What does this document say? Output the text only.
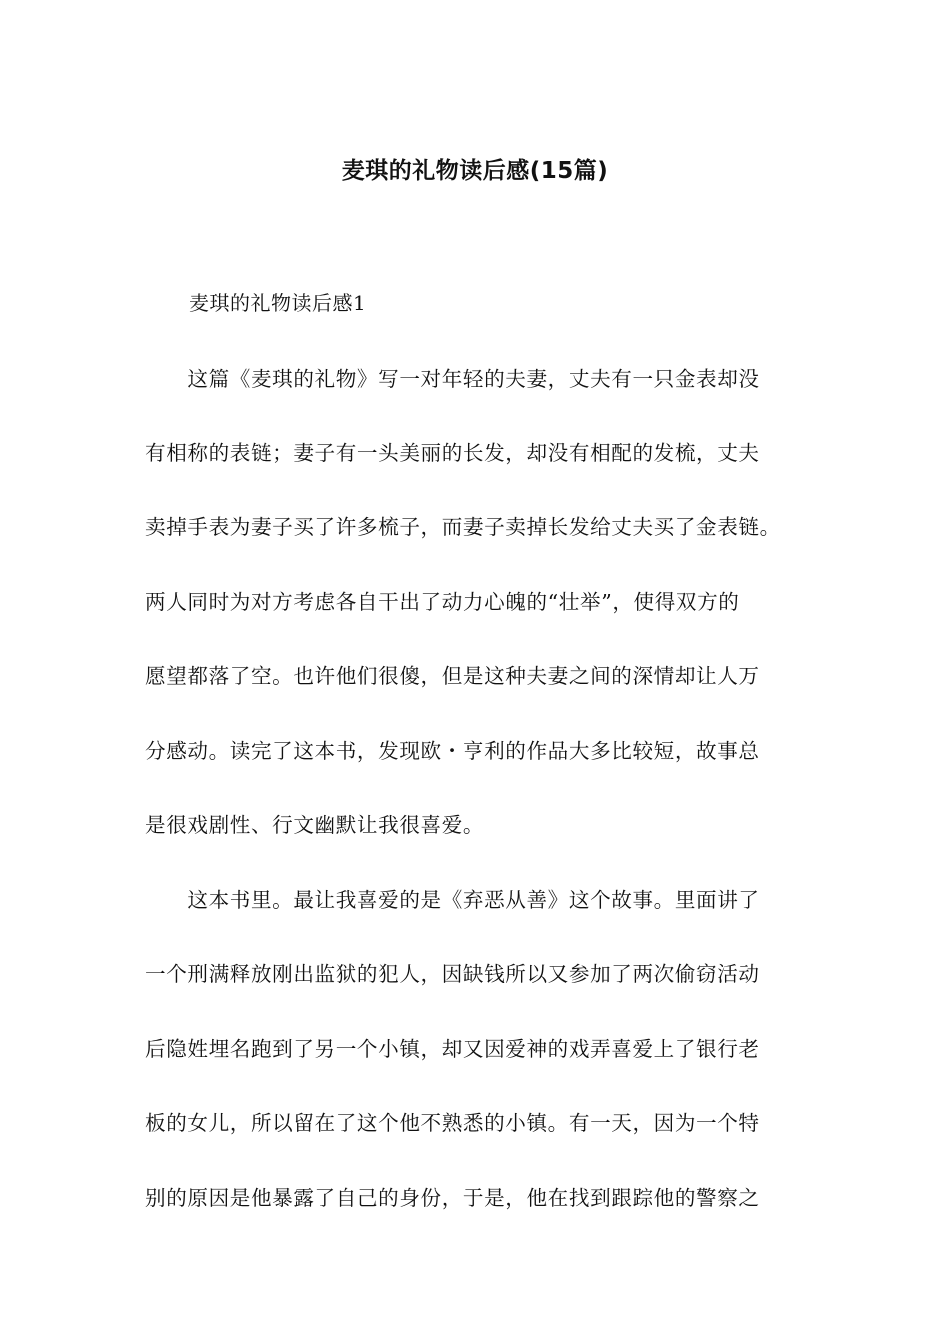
麦琪的礼物读后感(15篇)
麦琪的礼物读后感1
　　这篇《麦琪的礼物》写一对年轻的夫妻，丈夫有一只金表却没
有相称的表链；妻子有一头美丽的长发，却没有相配的发梳，丈夫
卖掉手表为妻子买了许多梳子，而妻子卖掉长发给丈夫买了金表链。
两人同时为对方考虑各自干出了动力心魄的“壮举”，使得双方的
愿望都落了空。也许他们很傻，但是这种夫妻之间的深情却让人万
分感动。读完了这本书，发现欧・亨利的作品大多比较短，故事总
是很戏剧性、行文幽默让我很喜爱。
　　这本书里。最让我喜爱的是《弃恶从善》这个故事。里面讲了
一个刑满释放刚出监狱的犯人，因缺钱所以又参加了两次偷窃活动
后隐姓埋名跑到了另一个小镇，却又因爱神的戏弄喜爱上了银行老
板的女儿，所以留在了这个他不熟悉的小镇。有一天，因为一个特
别的原因是他暴露了自己的身份，于是，他在找到跟踪他的警察之
